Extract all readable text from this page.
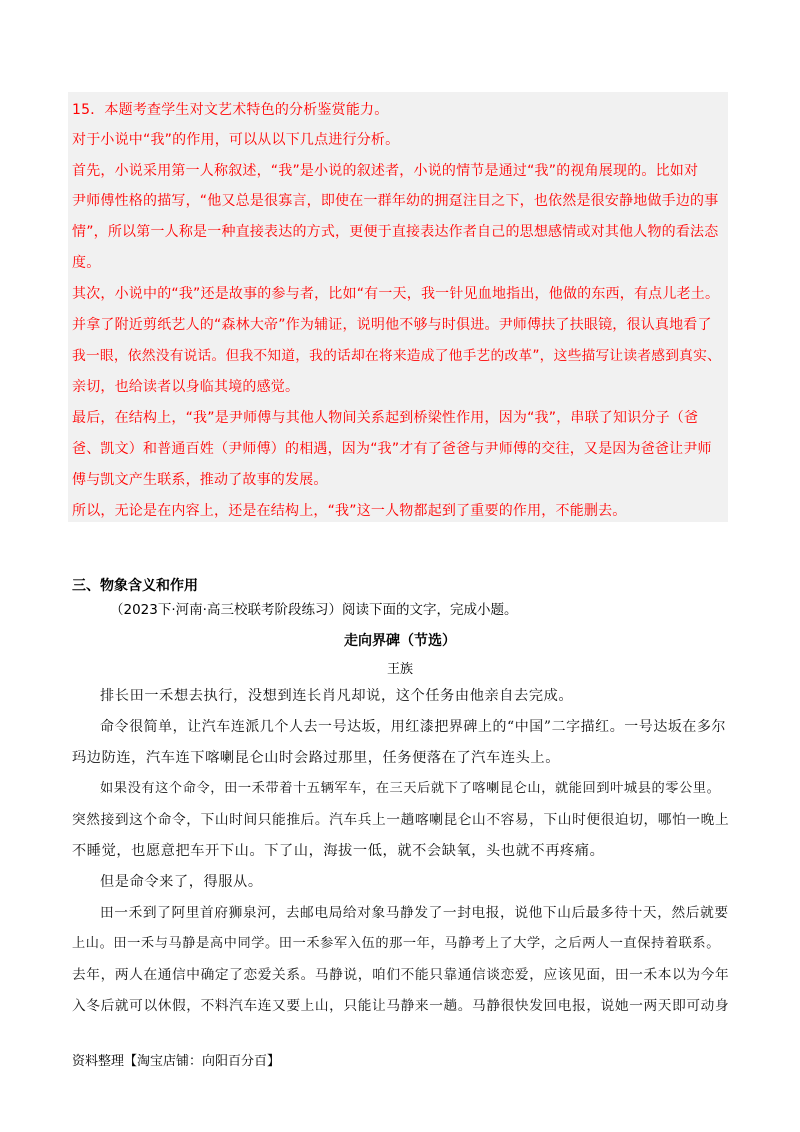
15．本题考查学生对文艺术特色的分析鉴赏能力。
对于小说中“我”的作用，可以从以下几点进行分析。
首先，小说采用第一人称叙述，“我”是小说的叙述者，小说的情节是通过“我”的视角展现的。比如对
尹师傅性格的描写，“他又总是很寡言，即使在一群年幼的拥趸注目之下，也依然是很安静地做手边的事
情”，所以第一人称是一种直接表达的方式，更便于直接表达作者自己的思想感情或对其他人物的看法态
度。
其次，小说中的“我”还是故事的参与者，比如“有一天，我一针见血地指出，他做的东西，有点儿老土。
并拿了附近剪纸艺人的“森林大帝”作为辅证，说明他不够与时俱进。尹师傅扶了扶眼镜，很认真地看了
我一眼，依然没有说话。但我不知道，我的话却在将来造成了他手艺的改革”，这些描写让读者感到真实、
亲切，也给读者以身临其境的感觉。
最后，在结构上，“我”是尹师傅与其他人物间关系起到桥梁性作用，因为“我”，串联了知识分子（爸
爸、凯文）和普通百姓（尹师傅）的相遇，因为“我”才有了爸爸与尹师傅的交往，又是因为爸爸让尹师
傅与凯文产生联系，推动了故事的发展。
所以，无论是在内容上，还是在结构上，“我”这一人物都起到了重要的作用，不能删去。
三、物象含义和作用
（2023下·河南·高三校联考阶段练习）阅读下面的文字，完成小题。
走向界碑（节选）
王族
排长田一禾想去执行，没想到连长肖凡却说，这个任务由他亲自去完成。
命令很简单，让汽车连派几个人去一号达坂，用红漆把界碑上的“中国”二字描红。一号达坂在多尔
玛边防连，汽车连下喀喇昆仑山时会路过那里，任务便落在了汽车连头上。
如果没有这个命令，田一禾带着十五辆军车，在三天后就下了喀喇昆仑山，就能回到叶城县的零公里。
突然接到这个命令，下山时间只能推后。汽车兵上一趟喀喇昆仑山不容易，下山时便很迫切，哪怕一晚上
不睡觉，也愿意把车开下山。下了山，海拔一低，就不会缺氧，头也就不再疼痛。
但是命令来了，得服从。
田一禾到了阿里首府狮泉河，去邮电局给对象马静发了一封电报，说他下山后最多待十天，然后就要
上山。田一禾与马静是高中同学。田一禾参军入伍的那一年，马静考上了大学，之后两人一直保持着联系。
去年，两人在通信中确定了恋爱关系。马静说，咱们不能只靠通信谈恋爱，应该见面，田一禾本以为今年
入冬后就可以休假，不料汽车连又要上山，只能让马静来一趟。马静很快发回电报，说她一两天即可动身
资料整理【淘宝店铺：向阳百分百】
